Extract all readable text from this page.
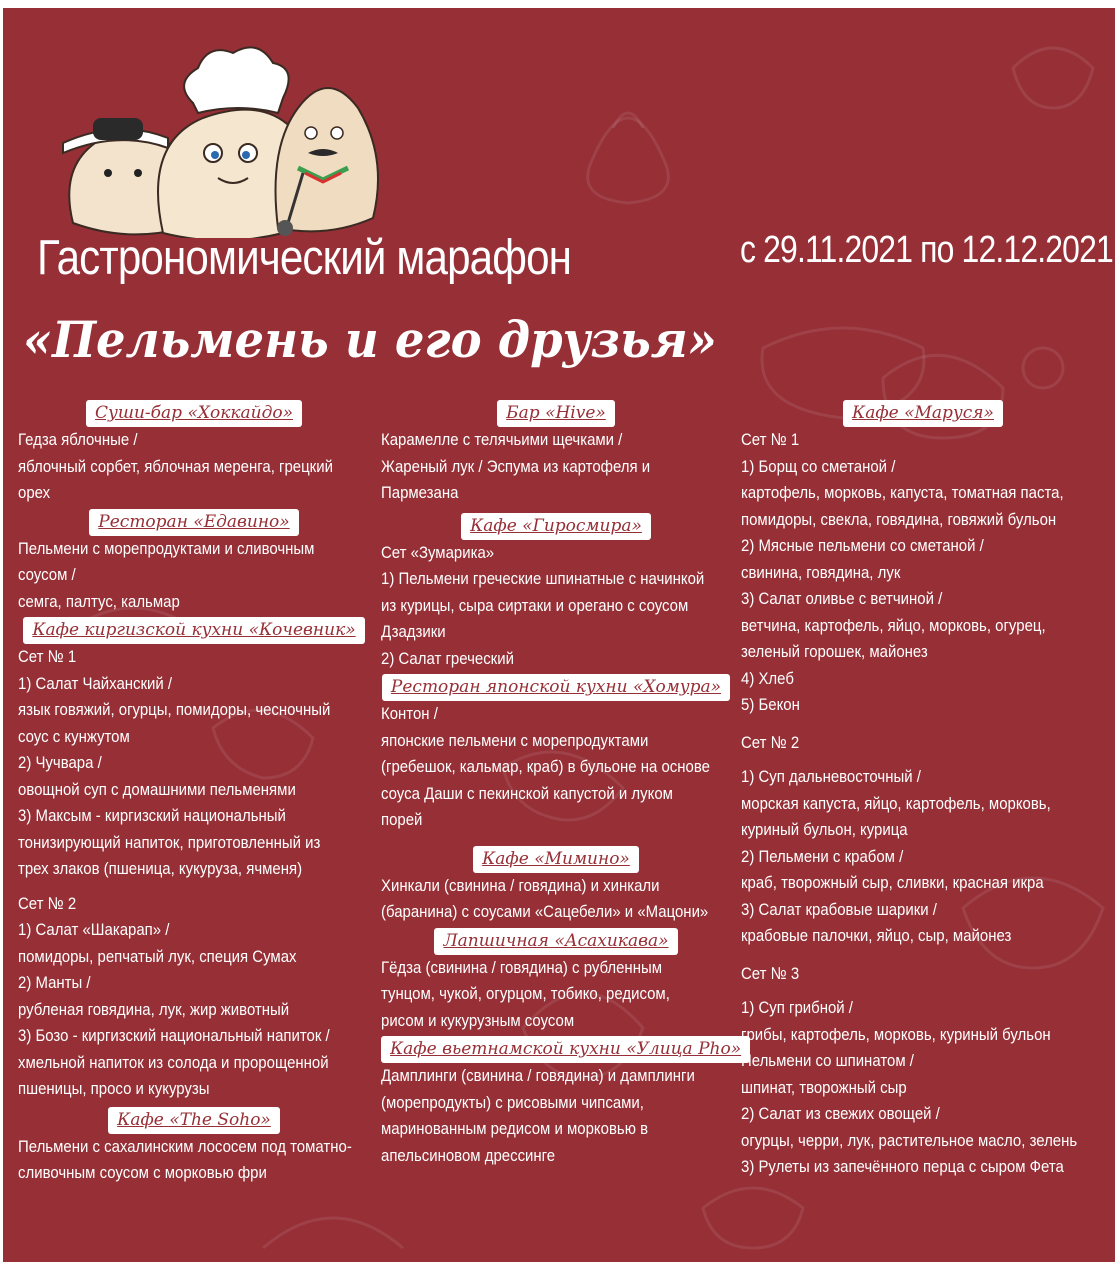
Гастрономический марафон
«Пельмень и его друзья»
с 29.11.2021 по 12.12.2021
Суши-бар «Хоккайдо»
Гедза яблочные /
яблочный сорбет, яблочная меренга, грецкий
орех
Ресторан «Едавино»
Пельмени с морепродуктами и сливочным
соусом /
семга, палтус, кальмар
Кафе киргизской кухни «Кочевник»
Сет № 1
1) Салат Чайханский /
язык говяжий, огурцы, помидоры, чесночный
соус с кунжутом
2) Чучвара /
овощной суп с домашними пельменями
3) Максым - киргизский национальный
тонизирующий напиток, приготовленный из
трех злаков (пшеница, кукуруза, ячменя)
Сет № 2
1) Салат «Шакарап» /
помидоры, репчатый лук, специя Сумах
2) Манты /
рубленая говядина, лук, жир животный
3) Бозо - киргизский национальный напиток /
хмельной напиток из солода и пророщенной
пшеницы, просо и кукурузы
Кафе «The Soho»
Пельмени с сахалинским лососем под томатно-
сливочным соусом с морковью фри
Бар «Hive»
Карамелле с телячьими щечками /
Жареный лук / Эспума из картофеля и
Пармезана
Кафе «Гиросмира»
Сет «Зумарика»
1) Пельмени греческие шпинатные с начинкой
из курицы, сыра сиртаки и орегано с соусом
Дзадзики
2) Салат греческий
Ресторан японской кухни «Хомура»
Контон /
японские пельмени с морепродуктами
(гребешок, кальмар, краб) в бульоне на основе
соуса Даши с пекинской капустой и луком
порей
Кафе «Мимино»
Хинкали (свинина / говядина) и хинкали
(баранина) с соусами «Сацебели» и «Мацони»
Лапшичная «Асахикава»
Гёдза (свинина / говядина) с рубленным
тунцом, чукой, огурцом, тобико, редисом,
рисом и кукурузным соусом
Кафе вьетнамской кухни «Улица Pho»
Дамплинги (свинина / говядина) и дамплинги
(морепродукты) с рисовыми чипсами,
маринованным редисом и морковью в
апельсиновом дрессинге
Кафе «Маруся»
Сет № 1
1) Борщ со сметаной /
картофель, морковь, капуста, томатная паста,
помидоры, свекла, говядина, говяжий бульон
2) Мясные пельмени со сметаной /
свинина, говядина, лук
3) Салат оливье с ветчиной /
ветчина, картофель, яйцо, морковь, огурец,
зеленый горошек, майонез
4) Хлеб
5) Бекон
Сет № 2
1) Суп дальневосточный /
морская капуста, яйцо, картофель, морковь,
куриный бульон, курица
2) Пельмени с крабом /
краб, творожный сыр, сливки, красная икра
3) Салат крабовые шарики /
крабовые палочки, яйцо, сыр, майонез
Сет № 3
1) Суп грибной /
грибы, картофель, морковь, куриный бульон
Пельмени со шпинатом /
шпинат, творожный сыр
2) Салат из свежих овощей /
огурцы, черри, лук, растительное масло, зелень
3) Рулеты из запечённого перца с сыром Фета
